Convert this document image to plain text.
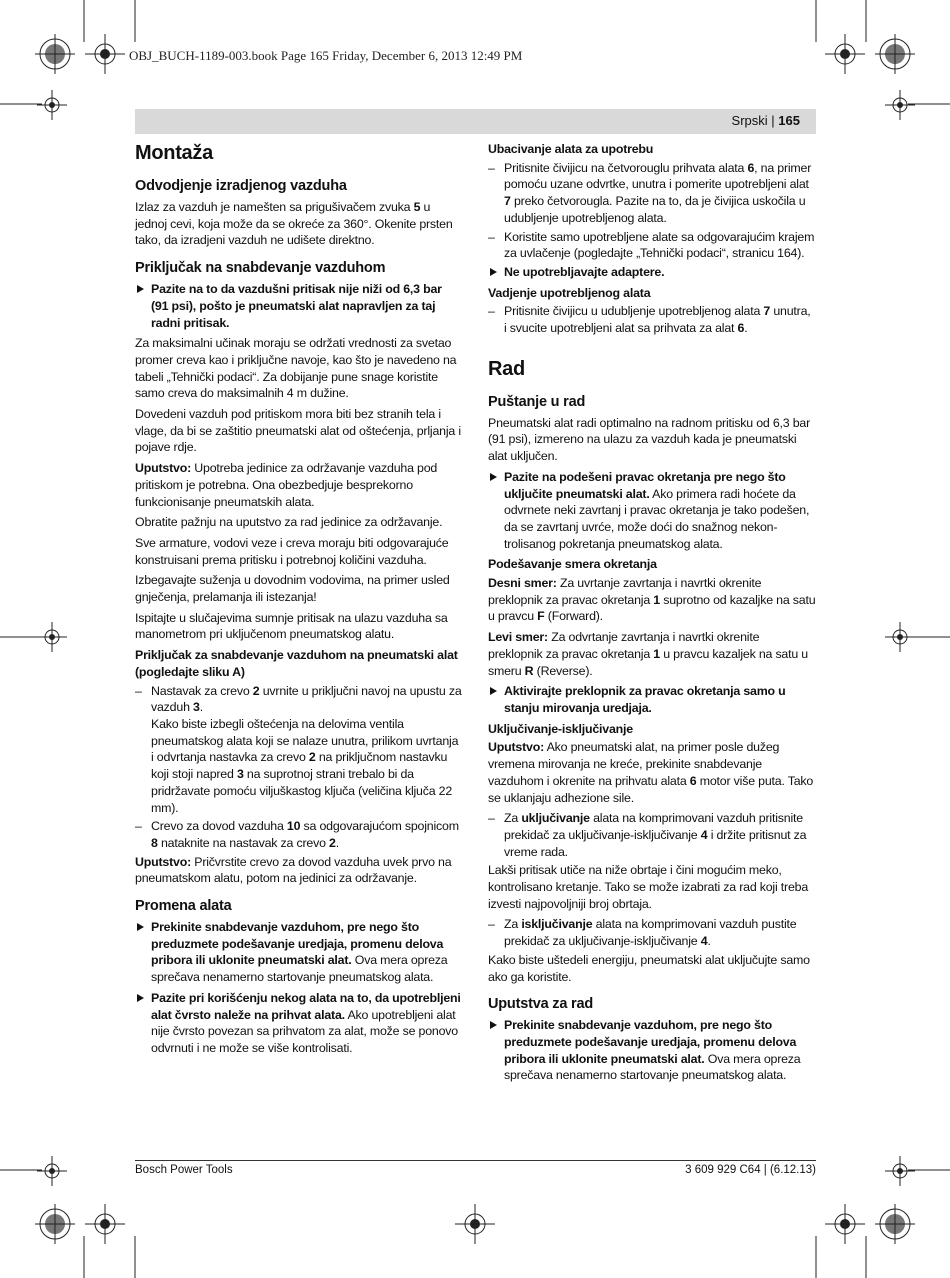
OBJ_BUCH-1189-003.book Page 165 Friday, December 6, 2013 12:49 PM
Srpski | 165
Montaža
Odvodjenje izradjenog vazduha

Izlaz za vazduh je namešten sa prigušivačem zvuka 5 u jednoj cevi, koja može da se okreće za 360°. Okenite prsten tako, da izradjeni vazduh ne udišete direktno.

Priključak na snabdevanje vazduhom
Pazite na to da vazdušni pritisak nije niži od 6,3 bar (91 psi), pošto je pneumatski alat napravljen za taj radni pritisak.

Za maksimalni učinak moraju se održati vrednosti za svetao promer creva kao i priključne navoje, kao što je navedeno na tabeli „Tehnički podaci“. Za dobijanje pune snage koristite samo creva do maksimalnih 4 m dužine.

Dovedeni vazduh pod pritiskom mora biti bez stranih tela i vlage, da bi se zaštitio pneumatski alat od oštećenja, prljanja i pojave rdje.

Uputstvo: Upotreba jedinice za održavanje vazduha pod pritiskom je potrebna. Ona obezbedjuje besprekorno funkcionisanje pneumatskih alata.

Obratite pažnju na uputstvo za rad jedinice za održavanje.

Sve armature, vodovi veze i creva moraju biti odgovarajuće konstruisani prema pritisku i potrebnoj količini vazduha.

Izbegavajte suženja u dovodnim vodovima, na primer usled gnječenja, prelamanja ili istezanja!

Ispitajte u slučajevima sumnje pritisak na ulazu vazduha sa manometrom pri uključenom pneumatskog alatu.

Priključak za snabdevanje vazduhom na pneumatski alat (pogledajte sliku A)
– Nastavak za crevo 2 uvrnite u priključni navoj na upustu za vazduh 3.
Kako biste izbegli oštećenja na delovima ventila pneumatskog alata koji se nalaze unutra, prilikom uvrtanja i odvrtanja nastavka za crevo 2 na priključnom nastavku koji stoji napred 3 na suprotnoj strani trebalo bi da pridržavate pomoću viljuškastog ključa (veličina ključa 22 mm).
– Crevo za dovod vazduha 10 sa odgovarajućom spojnicom 8 nataknite na nastavak za crevo 2.

Uputstvo: Pričvrstite crevo za dovod vazduha uvek prvo na pneumatskom alatu, potom na jedinici za održavanje.

Promena alata
Prekinite snabdevanje vazduhom, pre nego što preduzmete podešavanje uredjaja, promenu delova pribora ili uklonite pneumatski alat. Ova mera opreza sprečava nenamerno startovanje pneumatskog alata.
Pazite pri korišćenju nekog alata na to, da upotrebljeni alat čvrsto naleže na prihvat alata. Ako upotrebljeni alat nije čvrsto povezan sa prihvatom za alat, može se ponovo odvrnuti i ne može se više kontrolisati.
Ubacivanje alata za upotrebu
– Pritisnite čivijicu na četvorouglu prihvata alata 6, na primer pomoću uzane odvrtke, unutra i pomerite upotrebljeni alat 7 preko četvorougla. Pazite na to, da je čivijica uskočila u udubljenje upotrebljenog alata.
– Koristite samo upotrebljene alate sa odgovarajućim krajem za uvlačenje (pogledajte „Tehnički podaci“, stranicu 164).
Ne upotrebljavajte adaptere.
Vadjenje upotrebljenog alata
– Pritisnite čivijicu u udubljenje upotrebljenog alata 7 unutra, i svucite upotrebljeni alat sa prihvata za alat 6.
Rad
Puštanje u rad

Pneumatski alat radi optimalno na radnom pritisku od 6,3 bar (91 psi), izmereno na ulazu za vazduh kada je pneumatski alat uključen.

Pazite na podešeni pravac okretanja pre nego što uključite pneumatski alat. Ako primera radi hoćete da odvrnete neki zavrtanj i pravac okretanja je tako podešen, da se zavrtanj uvrće, može doći do snažnog nekon-trolisanog pokretanja pneumatskog alata.
Podešavanje smera okretanja

Desni smer: Za uvrtanje zavrtanja i navrtki okrenite preklopnik za pravac okretanja 1 suprotno od kazaljke na satu u pravcu F (Forward).

Levi smer: Za odvrtanje zavrtanja i navrtki okrenite preklopnik za pravac okretanja 1 u pravcu kazaljek na satu u smeru R (Reverse).

Aktivirajte preklopnik za pravac okretanja samo u stanju mirovanja uredjaja.
Uključivanje-isključivanje

Uputstvo: Ako pneumatski alat, na primer posle dužeg vremena mirovanja ne kreće, prekinite snabdevanje vazduhom i okrenite na prihvatu alata 6 motor više puta. Tako se uklanjaju adhezione sile.

– Za uključivanje alata na komprimovani vazduh pritisnite prekidač za uključivanje-isključivanje 4 i držite pritisnut za vreme rada.

Lakši pritisak utiče na niže obrtaje i čini mogućim meko, kontrolisano kretanje. Tako se može izabrati za rad koji treba izvesti najpovoljniji broj obrtaja.

– Za isključivanje alata na komprimovani vazduh pustite prekidač za uključivanje-isključivanje 4.

Kako biste uštedeli energiju, pneumatski alat uključujte samo ako ga koristite.

Uputstva za rad
Prekinite snabdevanje vazduhom, pre nego što preduzmete podešavanje uredjaja, promenu delova pribora ili uklonite pneumatski alat. Ova mera opreza sprečava nenamerno startovanje pneumatskog alata.
Bosch Power Tools	3 609 929 C64 | (6.12.13)
